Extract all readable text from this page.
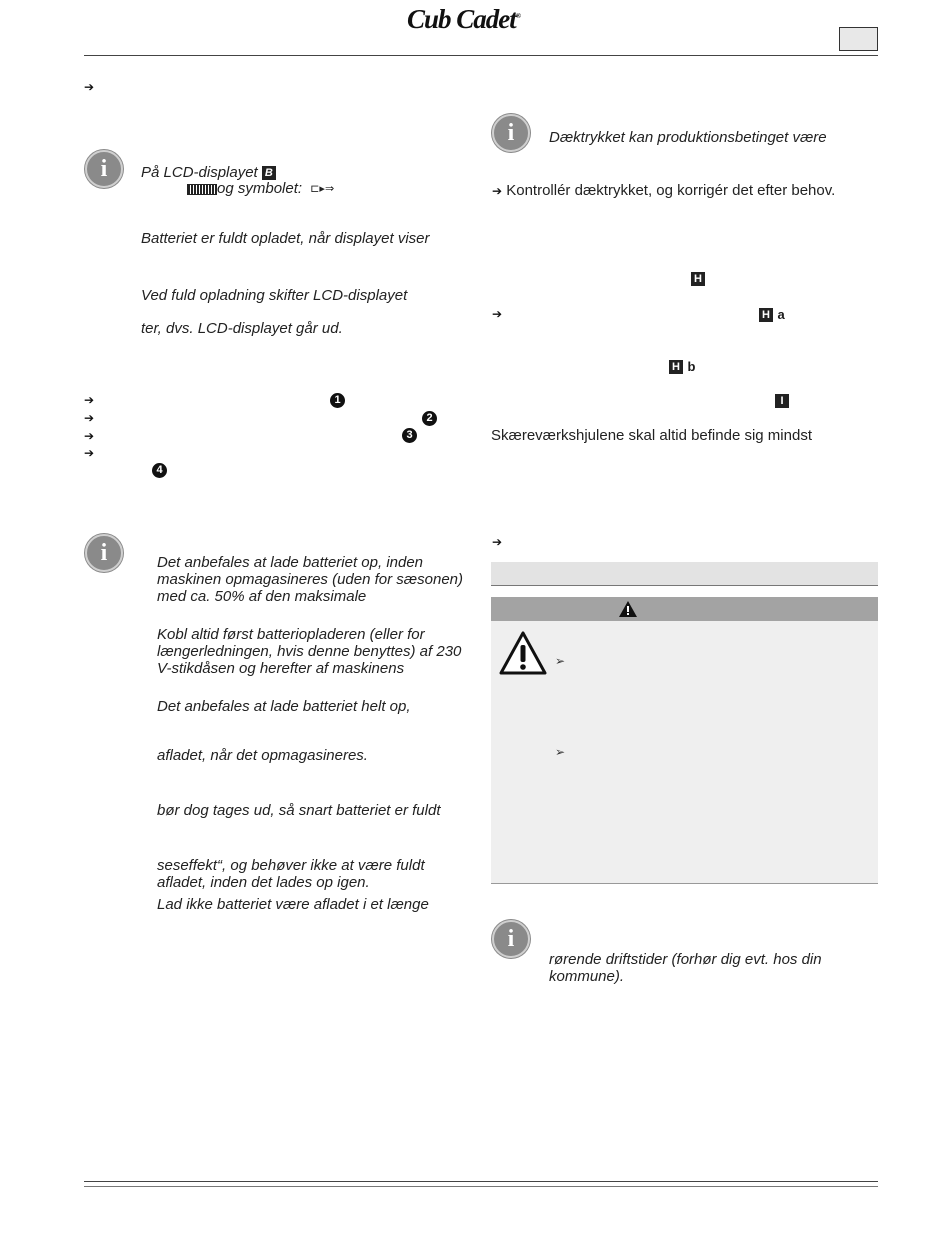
Cub Cadet®
➔
i	På LCD-displayet B
og symbolet: ⊏▸⇒
Batteriet er fuldt opladet, når displayet viser
Ved fuld opladning skifter LCD-displayet
ter, dvs. LCD-displayet går ud.
➔
➔
➔
➔
1
2
3
4
i	Det anbefales at lade batteriet op, inden maskinen opmagasineres (uden for sæsonen) med ca. 50% af den maksimale
Kobl altid først batteriopladeren (eller for længerledningen, hvis denne benyttes) af 230 V-stikdåsen og herefter af maskinens
Det anbefales at lade batteriet helt op,
afladet, når det opmagasineres.
bør dog tages ud, så snart batteriet er fuldt
seseffekt“, og behøver ikke at være fuldt afladet, inden det lades op igen.
Lad ikke batteriet være afladet i et længe
i	Dæktrykket kan produktionsbetinget være
➔ Kontrollér dæktrykket, og korrigér det efter behov.
H
➔	H a
H b
I
Skæreværkshjulene skal altid befinde sig mindst
➔
➢
➢
i
rørende driftstider (forhør dig evt. hos din
kommune).
